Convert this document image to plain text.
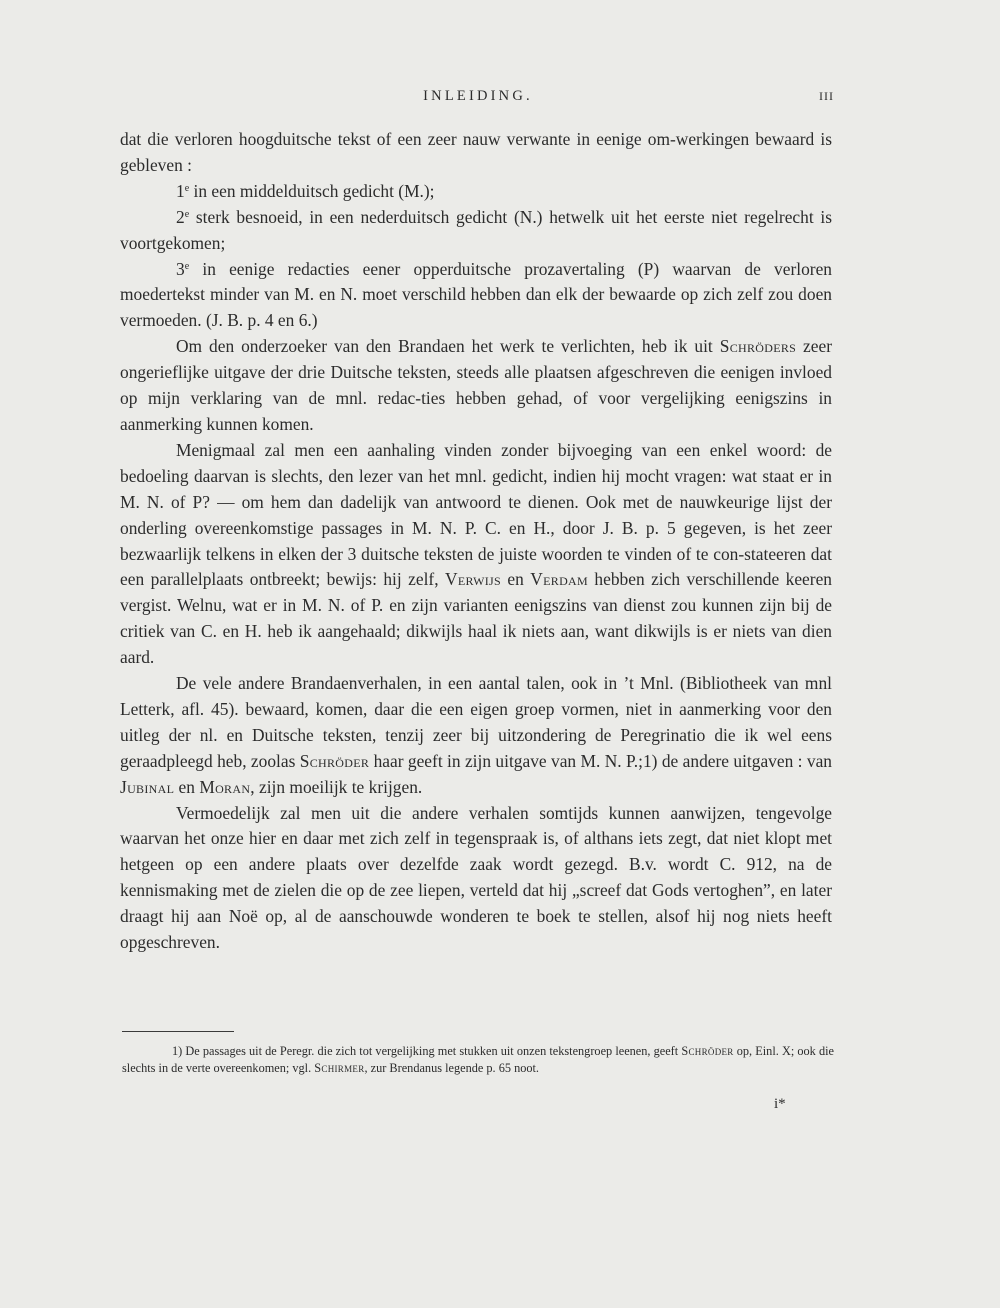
INLEIDING.	III

dat die verloren hoogduitsche tekst of een zeer nauw verwante in eenige om-werkingen bewaard is gebleven :

1e in een middelduitsch gedicht (M.);

2e sterk besnoeid, in een nederduitsch gedicht (N.) hetwelk uit het eerste niet regelrecht is voortgekomen;

3e in eenige redacties eener opperduitsche prozavertaling (P) waarvan de verloren moedertekst minder van M. en N. moet verschild hebben dan elk der bewaarde op zich zelf zou doen vermoeden. (J. B. p. 4 en 6.)

Om den onderzoeker van den Brandaen het werk te verlichten, heb ik uit Schröders zeer ongerieflijke uitgave der drie Duitsche teksten, steeds alle plaatsen afgeschreven die eenigen invloed op mijn verklaring van de mnl. redac-ties hebben gehad, of voor vergelijking eenigszins in aanmerking kunnen komen.

Menigmaal zal men een aanhaling vinden zonder bijvoeging van een enkel woord: de bedoeling daarvan is slechts, den lezer van het mnl. gedicht, indien hij mocht vragen: wat staat er in M. N. of P? — om hem dan dadelijk van antwoord te dienen. Ook met de nauwkeurige lijst der onderling overeenkomstige passages in M. N. P. C. en H., door J. B. p. 5 gegeven, is het zeer bezwaarlijk telkens in elken der 3 duitsche teksten de juiste woorden te vinden of te con-stateeren dat een parallelplaats ontbreekt; bewijs: hij zelf, Verwijs en Verdam hebben zich verschillende keeren vergist. Welnu, wat er in M. N. of P. en zijn varianten eenigszins van dienst zou kunnen zijn bij de critiek van C. en H. heb ik aangehaald; dikwijls haal ik niets aan, want dikwijls is er niets van dien aard.

De vele andere Brandaenverhalen, in een aantal talen, ook in ’t Mnl. (Bibliotheek van mnl Letterk, afl. 45). bewaard, komen, daar die een eigen groep vormen, niet in aanmerking voor den uitleg der nl. en Duitsche teksten, tenzij zeer bij uitzondering de Peregrinatio die ik wel eens geraadpleegd heb, zoolas Schröder haar geeft in zijn uitgave van M. N. P.;1) de andere uitgaven : van Jubinal en Moran, zijn moeilijk te krijgen.

Vermoedelijk zal men uit die andere verhalen somtijds kunnen aanwijzen, tengevolge waarvan het onze hier en daar met zich zelf in tegenspraak is, of althans iets zegt, dat niet klopt met hetgeen op een andere plaats over dezelfde zaak wordt gezegd. B.v. wordt C. 912, na de kennismaking met de zielen die op de zee liepen, verteld dat hij „screef dat Gods vertoghen”, en later draagt hij aan Noë op, al de aanschouwde wonderen te boek te stellen, alsof hij nog niets heeft opgeschreven.

1) De passages uit de Peregr. die zich tot vergelijking met stukken uit onzen tekstengroep leenen, geeft Schröder op, Einl. X; ook die slechts in de verte overeenkomen; vgl. Schirmer, zur Brendanus legende p. 65 noot.

i*
